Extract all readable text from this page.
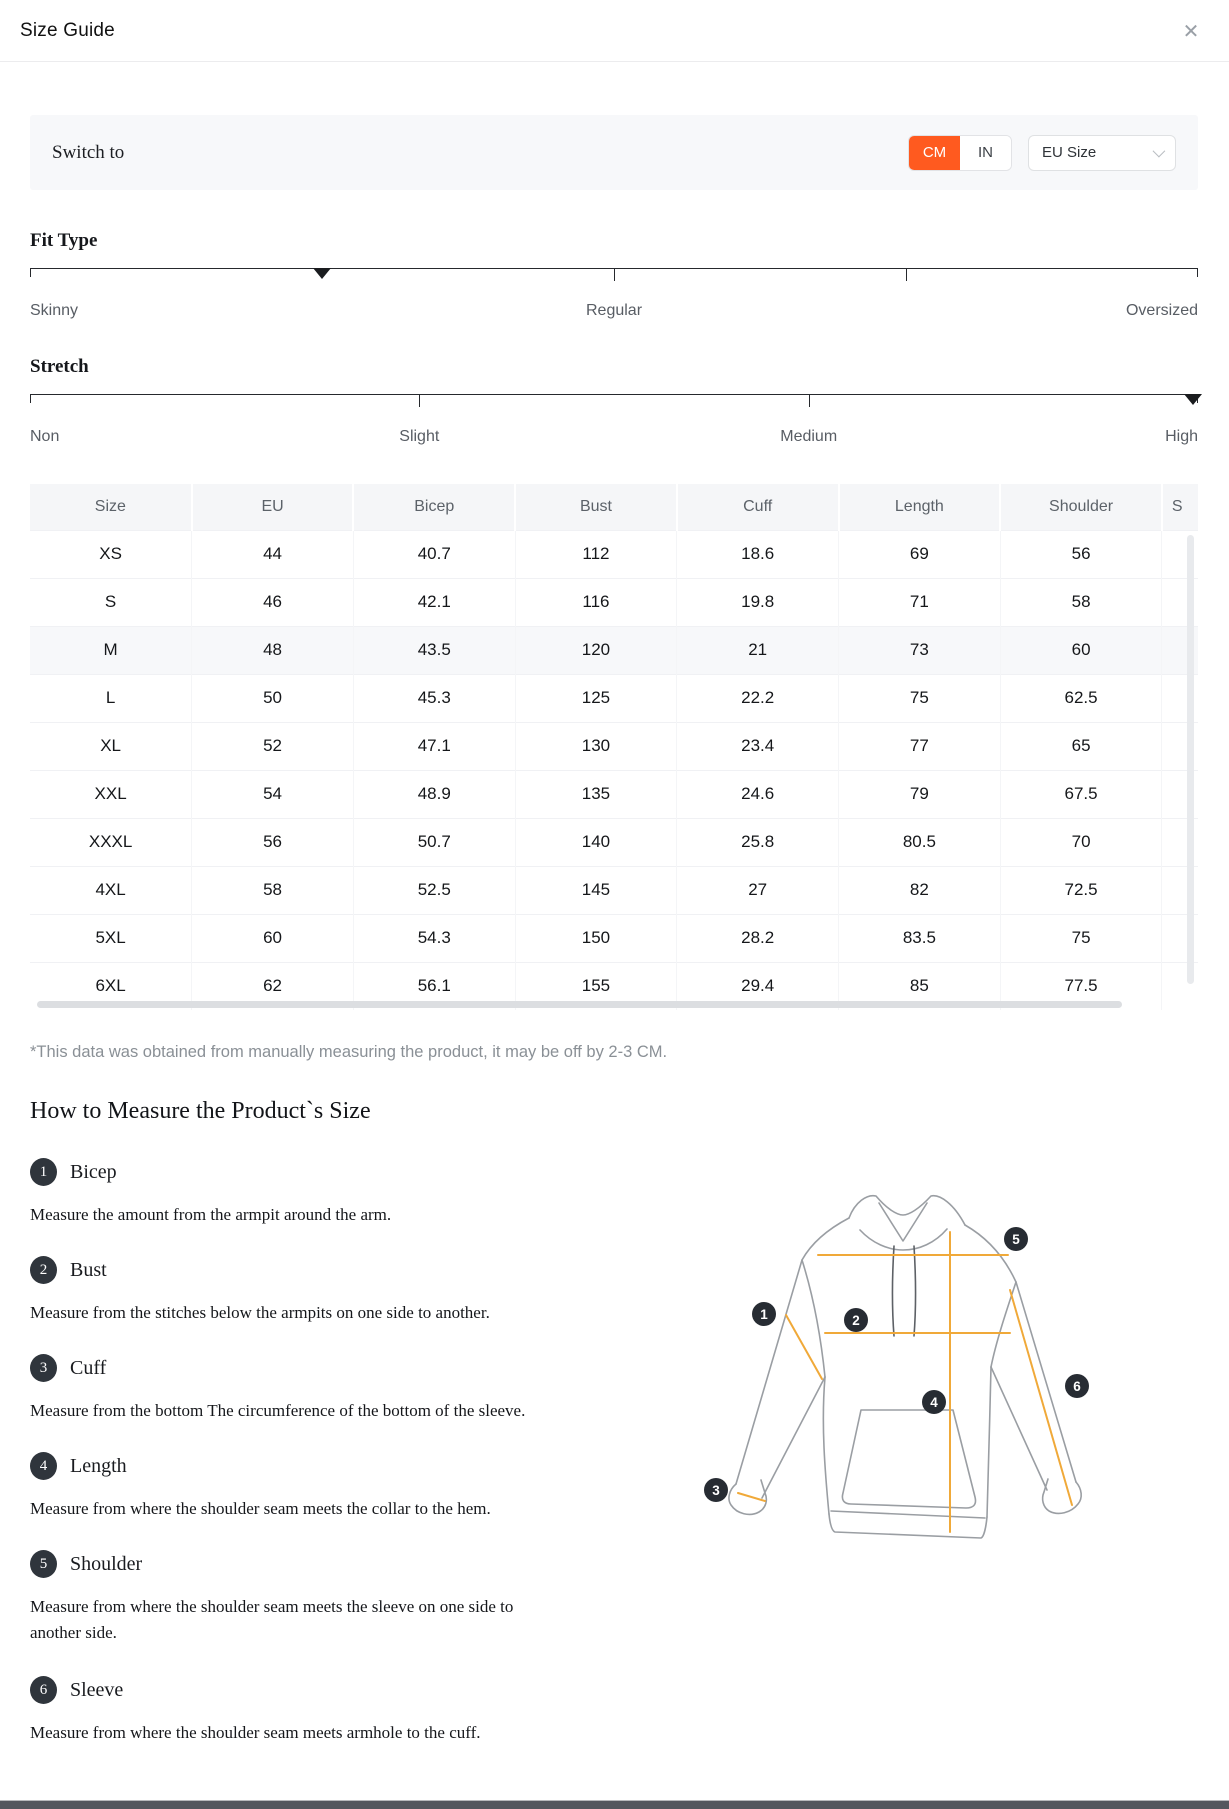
Size Guide	✕
Switch to	CM	IN	EU Size
Fit Type
Skinny	Regular	Oversized
Stretch
Non	Slight	Medium	High
Size	EU	Bicep	Bust	Cuff	Length	Shoulder	S
XS	44	40.7	112	18.6	69	56	
S	46	42.1	116	19.8	71	58	
M	48	43.5	120	21	73	60	
L	50	45.3	125	22.2	75	62.5	
XL	52	47.1	130	23.4	77	65	
XXL	54	48.9	135	24.6	79	67.5	
XXXL	56	50.7	140	25.8	80.5	70	
4XL	58	52.5	145	27	82	72.5	
5XL	60	54.3	150	28.2	83.5	75	
6XL	62	56.1	155	29.4	85	77.5	
*This data was obtained from manually measuring the product, it may be off by 2-3 CM.
How to Measure the Product`s Size
1	Bicep

Measure the amount from the armpit around the arm.

2	Bust

Measure from the stitches below the armpits on one side to another.

3	Cuff

Measure from the bottom The circumference of the bottom of the sleeve.

4	Length

Measure from where the shoulder seam meets the collar to the hem.

5	Shoulder

Measure from where the shoulder seam meets the sleeve on one side to another side.

6	Sleeve

Measure from where the shoulder seam meets armhole to the cuff.

1	2
3
4
5
6
